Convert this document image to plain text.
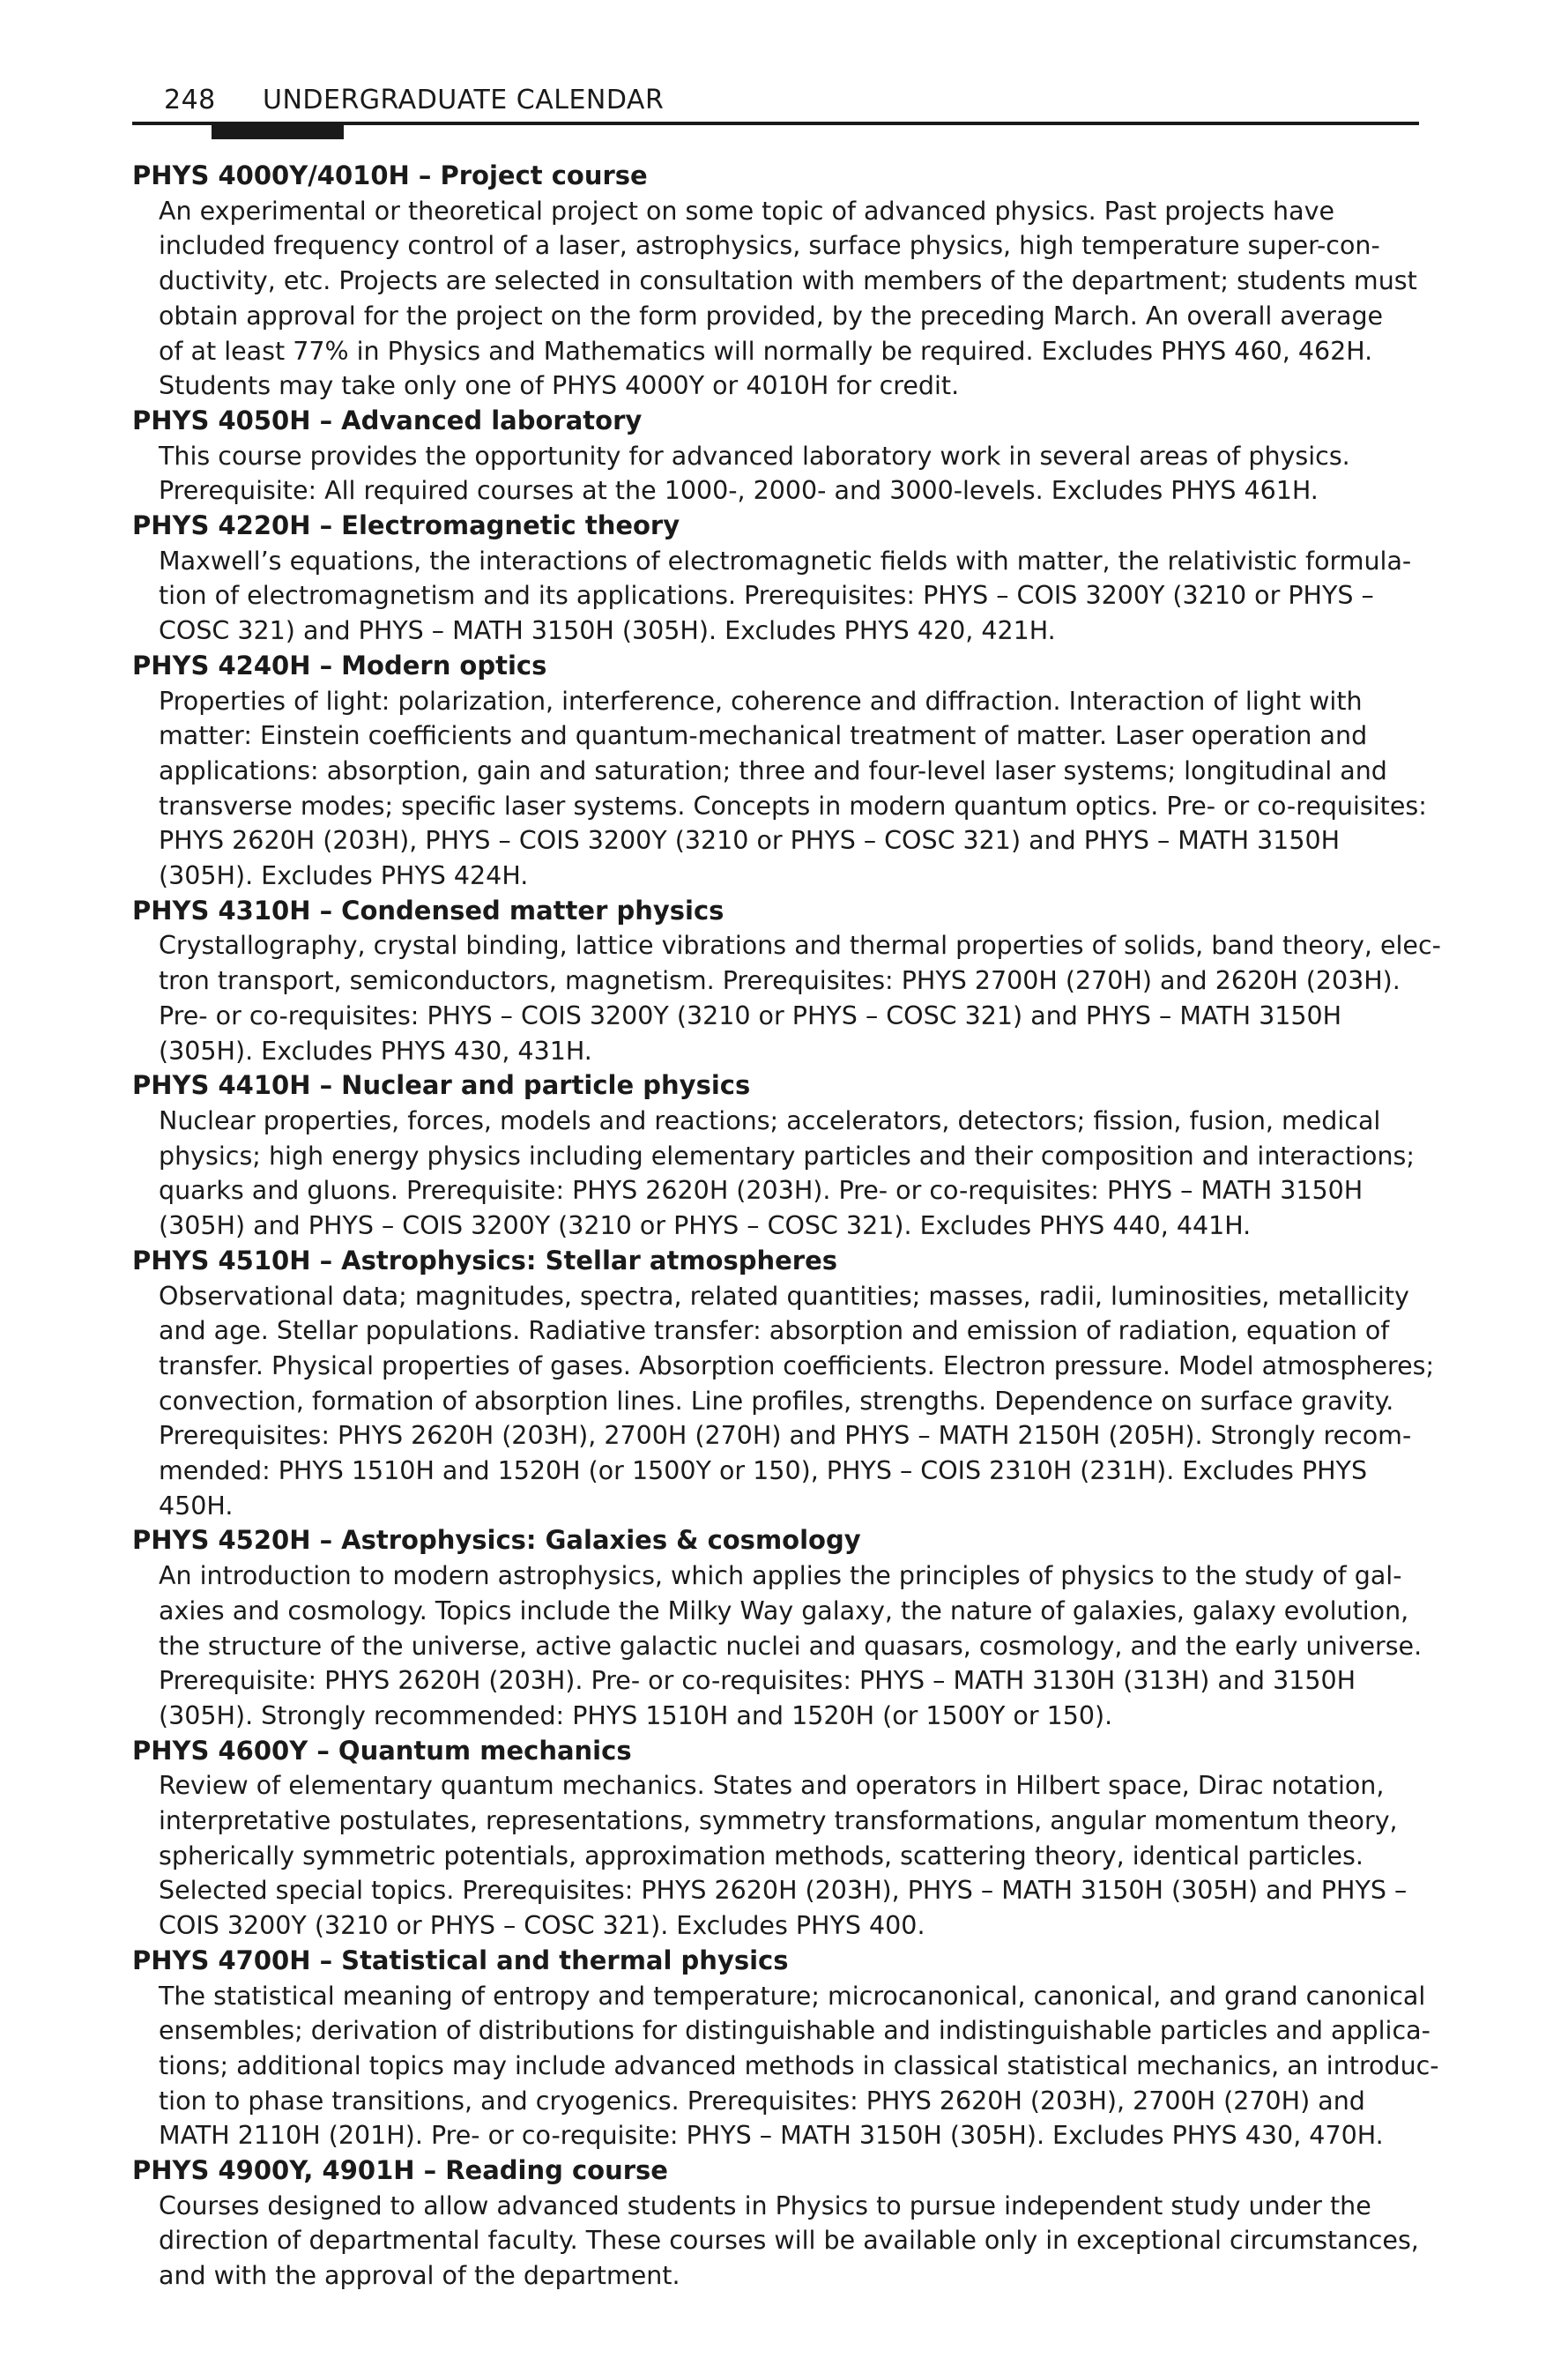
248 UNDERGRADUATE CALENDAR
PHYS 4000Y/4010H – Project course
An experimental or theoretical project on some topic of advanced physics. Past projects have
included frequency control of a laser, astrophysics, surface physics, high temperature super-con-
ductivity, etc. Projects are selected in consultation with members of the department; students must
obtain approval for the project on the form provided, by the preceding March. An overall average
of at least 77% in Physics and Mathematics will normally be required. Excludes PHYS 460, 462H.
Students may take only one of PHYS 4000Y or 4010H for credit.
PHYS 4050H – Advanced laboratory
This course provides the opportunity for advanced laboratory work in several areas of physics.
Prerequisite: All required courses at the 1000-, 2000- and 3000-levels. Excludes PHYS 461H.
PHYS 4220H – Electromagnetic theory
Maxwell’s equations, the interactions of electromagnetic fields with matter, the relativistic formula-
tion of electromagnetism and its applications. Prerequisites: PHYS – COIS 3200Y (3210 or PHYS –
COSC 321) and PHYS – MATH 3150H (305H). Excludes PHYS 420, 421H.
PHYS 4240H – Modern optics
Properties of light: polarization, interference, coherence and diffraction. Interaction of light with
matter: Einstein coefficients and quantum-mechanical treatment of matter. Laser operation and
applications: absorption, gain and saturation; three and four-level laser systems; longitudinal and
transverse modes; specific laser systems. Concepts in modern quantum optics. Pre- or co-requisites:
PHYS 2620H (203H), PHYS – COIS 3200Y (3210 or PHYS – COSC 321) and PHYS – MATH 3150H
(305H). Excludes PHYS 424H.
PHYS 4310H – Condensed matter physics
Crystallography, crystal binding, lattice vibrations and thermal properties of solids, band theory, elec-
tron transport, semiconductors, magnetism. Prerequisites: PHYS 2700H (270H) and 2620H (203H).
Pre- or co-requisites: PHYS – COIS 3200Y (3210 or PHYS – COSC 321) and PHYS – MATH 3150H
(305H). Excludes PHYS 430, 431H.
PHYS 4410H – Nuclear and particle physics
Nuclear properties, forces, models and reactions; accelerators, detectors; fission, fusion, medical
physics; high energy physics including elementary particles and their composition and interactions;
quarks and gluons. Prerequisite: PHYS 2620H (203H). Pre- or co-requisites: PHYS – MATH 3150H
(305H) and PHYS – COIS 3200Y (3210 or PHYS – COSC 321). Excludes PHYS 440, 441H.
PHYS 4510H – Astrophysics: Stellar atmospheres
Observational data; magnitudes, spectra, related quantities; masses, radii, luminosities, metallicity
and age. Stellar populations. Radiative transfer: absorption and emission of radiation, equation of
transfer. Physical properties of gases. Absorption coefficients. Electron pressure. Model atmospheres;
convection, formation of absorption lines. Line profiles, strengths. Dependence on surface gravity.
Prerequisites: PHYS 2620H (203H), 2700H (270H) and PHYS – MATH 2150H (205H). Strongly recom-
mended: PHYS 1510H and 1520H (or 1500Y or 150), PHYS – COIS 2310H (231H). Excludes PHYS
450H.
PHYS 4520H – Astrophysics: Galaxies & cosmology
An introduction to modern astrophysics, which applies the principles of physics to the study of gal-
axies and cosmology. Topics include the Milky Way galaxy, the nature of galaxies, galaxy evolution,
the structure of the universe, active galactic nuclei and quasars, cosmology, and the early universe.
Prerequisite: PHYS 2620H (203H). Pre- or co-requisites: PHYS – MATH 3130H (313H) and 3150H
(305H). Strongly recommended: PHYS 1510H and 1520H (or 1500Y or 150).
PHYS 4600Y – Quantum mechanics
Review of elementary quantum mechanics. States and operators in Hilbert space, Dirac notation,
interpretative postulates, representations, symmetry transformations, angular momentum theory,
spherically symmetric potentials, approximation methods, scattering theory, identical particles.
Selected special topics. Prerequisites: PHYS 2620H (203H), PHYS – MATH 3150H (305H) and PHYS –
COIS 3200Y (3210 or PHYS – COSC 321). Excludes PHYS 400.
PHYS 4700H – Statistical and thermal physics
The statistical meaning of entropy and temperature; microcanonical, canonical, and grand canonical
ensembles; derivation of distributions for distinguishable and indistinguishable particles and applica-
tions; additional topics may include advanced methods in classical statistical mechanics, an introduc-
tion to phase transitions, and cryogenics. Prerequisites: PHYS 2620H (203H), 2700H (270H) and
MATH 2110H (201H). Pre- or co-requisite: PHYS – MATH 3150H (305H). Excludes PHYS 430, 470H.
PHYS 4900Y, 4901H – Reading course
Courses designed to allow advanced students in Physics to pursue independent study under the
direction of departmental faculty. These courses will be available only in exceptional circumstances,
and with the approval of the department.
